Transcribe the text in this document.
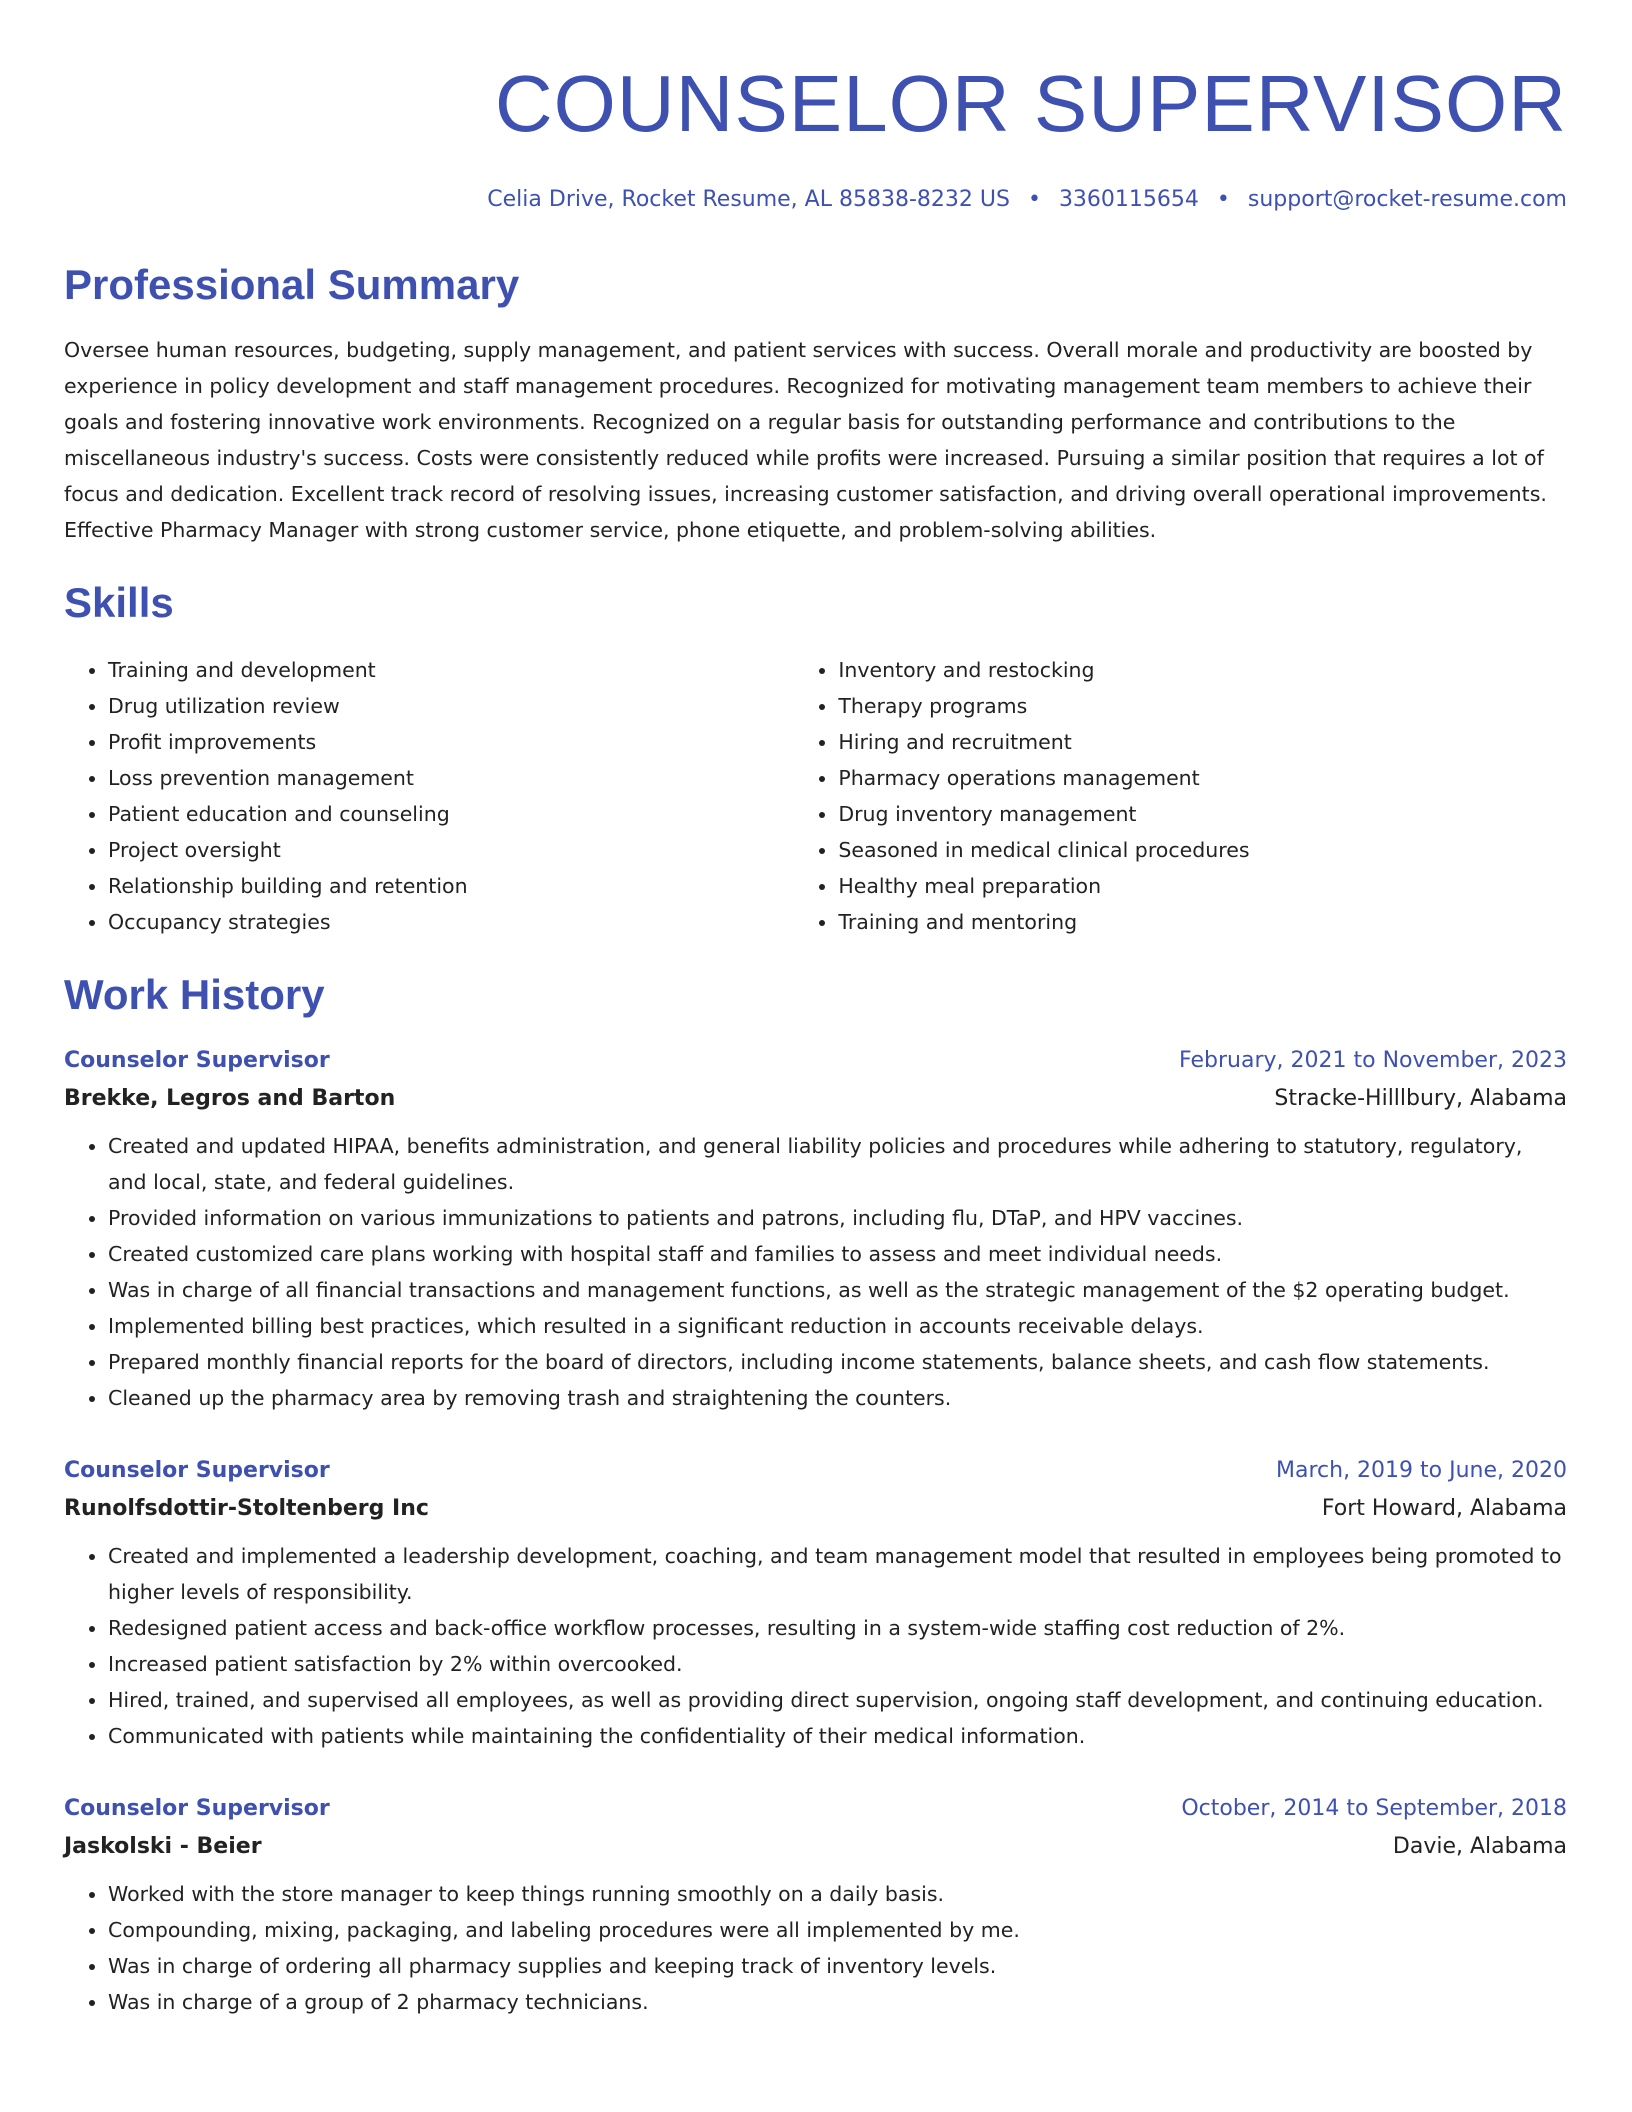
COUNSELOR SUPERVISOR
Celia Drive, Rocket Resume, AL 85838-8232 US • 3360115654 • support@rocket-resume.com
Professional Summary

Oversee human resources, budgeting, supply management, and patient services with success. Overall morale and productivity are boosted by experience in policy development and staff management procedures. Recognized for motivating management team members to achieve their goals and fostering innovative work environments. Recognized on a regular basis for outstanding performance and contributions to the miscellaneous industry's success. Costs were consistently reduced while profits were increased. Pursuing a similar position that requires a lot of focus and dedication. Excellent track record of resolving issues, increasing customer satisfaction, and driving overall operational improvements. Effective Pharmacy Manager with strong customer service, phone etiquette, and problem-solving abilities.

Skills
• Training and development
• Drug utilization review
• Profit improvements
• Loss prevention management
• Patient education and counseling
• Project oversight
• Relationship building and retention
• Occupancy strategies
• Inventory and restocking
• Therapy programs
• Hiring and recruitment
• Pharmacy operations management
• Drug inventory management
• Seasoned in medical clinical procedures
• Healthy meal preparation
• Training and mentoring
Work History
Counselor Supervisor	February, 2021 to November, 2023
Brekke, Legros and Barton	Stracke-Hilllbury, Alabama
• Created and updated HIPAA, benefits administration, and general liability policies and procedures while adhering to statutory, regulatory, and local, state, and federal guidelines.
• Provided information on various immunizations to patients and patrons, including flu, DTaP, and HPV vaccines.
• Created customized care plans working with hospital staff and families to assess and meet individual needs.
• Was in charge of all financial transactions and management functions, as well as the strategic management of the $2 operating budget.
• Implemented billing best practices, which resulted in a significant reduction in accounts receivable delays.
• Prepared monthly financial reports for the board of directors, including income statements, balance sheets, and cash flow statements.
• Cleaned up the pharmacy area by removing trash and straightening the counters.
Counselor Supervisor	March, 2019 to June, 2020
Runolfsdottir-Stoltenberg Inc	Fort Howard, Alabama
• Created and implemented a leadership development, coaching, and team management model that resulted in employees being promoted to higher levels of responsibility.
• Redesigned patient access and back-office workflow processes, resulting in a system-wide staffing cost reduction of 2%.
• Increased patient satisfaction by 2% within overcooked.
• Hired, trained, and supervised all employees, as well as providing direct supervision, ongoing staff development, and continuing education.
• Communicated with patients while maintaining the confidentiality of their medical information.
Counselor Supervisor	October, 2014 to September, 2018
Jaskolski - Beier	Davie, Alabama
• Worked with the store manager to keep things running smoothly on a daily basis.
• Compounding, mixing, packaging, and labeling procedures were all implemented by me.
• Was in charge of ordering all pharmacy supplies and keeping track of inventory levels.
• Was in charge of a group of 2 pharmacy technicians.
